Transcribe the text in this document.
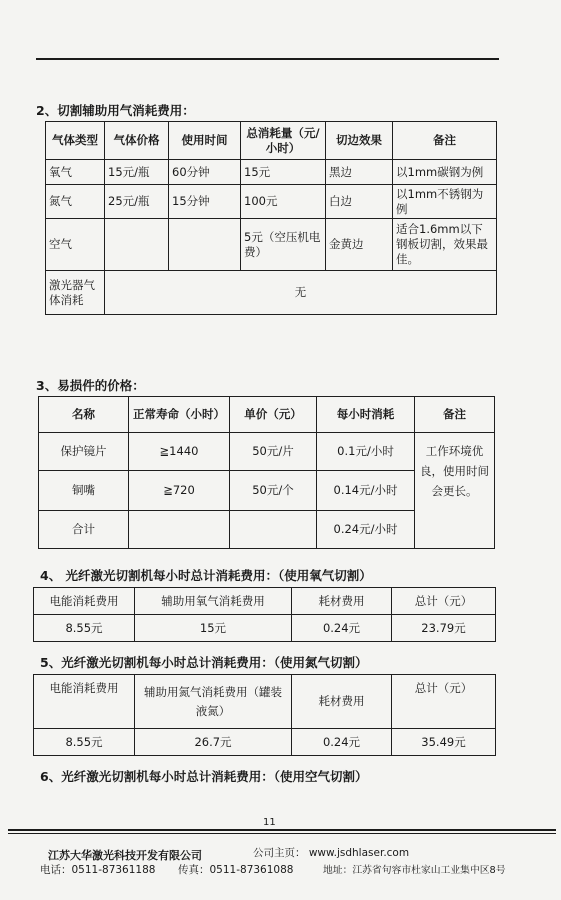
2、切割辅助用气消耗费用：
气体类型	气体价格	使用时间	总消耗量（元/小时）	切边效果	备注
氧气	15元/瓶	60分钟	15元	黑边	以1mm碳钢为例
氮气	25元/瓶	15分钟	100元	白边	以1mm不锈钢为例
空气			5元（空压机电费）	金黄边	适合1.6mm以下钢板切割，效果最佳。
激光器气体消耗	无				
3、易损件的价格：
名称	正常寿命（小时）	单价（元）	每小时消耗	备注
保护镜片	≧1440	50元/片	0.1元/小时	工作环境优良，使用时间会更长。
铜嘴	≧720	50元/个	0.14元/小时	
合计			0.24元/小时	
4、 光纤激光切割机每小时总计消耗费用：（使用氧气切割）
电能消耗费用	辅助用氧气消耗费用	耗材费用	总计（元）
8.55元	15元	0.24元	23.79元
5、光纤激光切割机每小时总计消耗费用：（使用氮气切割）
电能消耗费用	辅助用氮气消耗费用（罐装液氮）	耗材费用	总计（元）
8.55元	26.7元	0.24元	35.49元
6、光纤激光切割机每小时总计消耗费用：（使用空气切割）
11
江苏大华激光科技开发有限公司	公司主页： www.jsdhlaser.com
电话：0511-87361188 传真：0511-87361088	地址：江苏省句容市杜家山工业集中区8号
